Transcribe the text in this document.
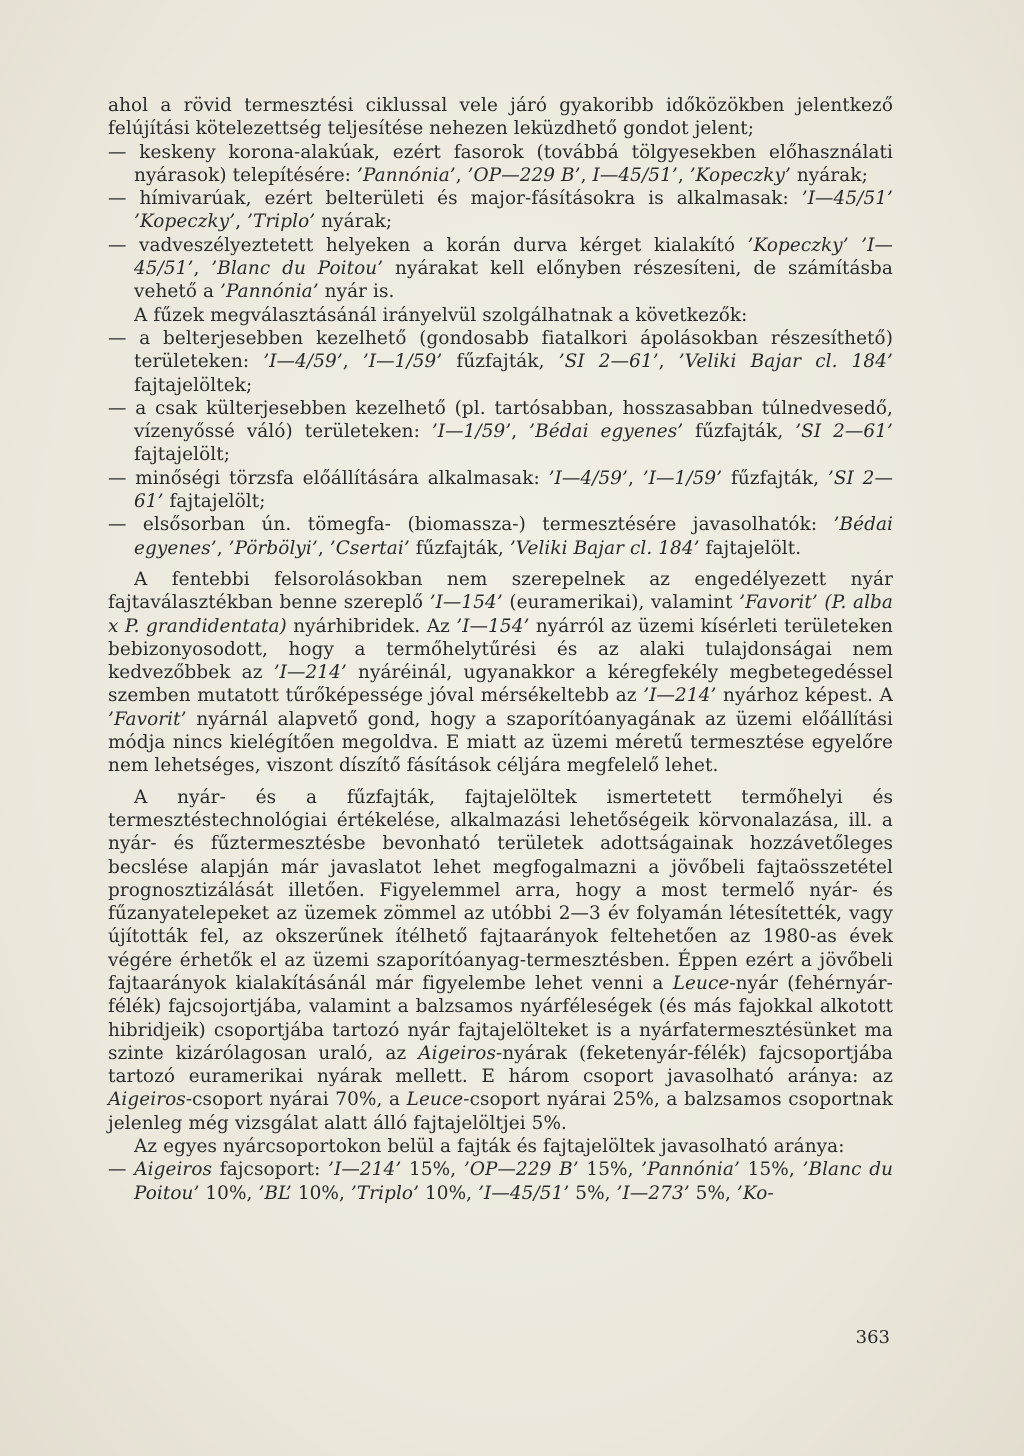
ahol a rövid termesztési ciklussal vele járó gyakoribb időközökben jelentkező felújítási kötelezettség teljesítése nehezen leküzdhető gondot jelent;

— keskeny korona-alakúak, ezért fasorok (továbbá tölgyesekben előhasználati nyárasok) telepítésére: ’Pannónia’, ’OP—229 B’, I—45/51’, ’Kopeczky’ nyárak;

— hímivarúak, ezért belterületi és major-fásításokra is alkalmasak: ’I—45/51’ ’Kopeczky’, ’Triplo’ nyárak;

— vadveszélyeztetett helyeken a korán durva kérget kialakító ’Kopeczky’ ’I—45/51’, ’Blanc du Poitou’ nyárakat kell előnyben részesíteni, de számításba vehető a ’Pannónia’ nyár is.

A fűzek megválasztásánál irányelvül szolgálhatnak a következők:

— a belterjesebben kezelhető (gondosabb fiatalkori ápolásokban részesíthető) területeken: ’I—4/59’, ’I—1/59’ fűzfajták, ’SI 2—61’, ’Veliki Bajar cl. 184’ fajtajelöltek;

— a csak külterjesebben kezelhető (pl. tartósabban, hosszasabban túlnedvesedő, vízenyőssé váló) területeken: ’I—1/59’, ’Bédai egyenes’ fűzfajták, ’SI 2—61’ fajtajelölt;

— minőségi törzsfa előállítására alkalmasak: ’I—4/59’, ’I—1/59’ fűzfajták, ’SI 2—61’ fajtajelölt;

— elsősorban ún. tömegfa- (biomassza-) termesztésére javasolhatók: ’Bédai egyenes’, ’Pörbölyi’, ’Csertai’ fűzfajták, ’Veliki Bajar cl. 184’ fajtajelölt.

A fentebbi felsorolásokban nem szerepelnek az engedélyezett nyár fajtaválasztékban benne szereplő ’I—154’ (euramerikai), valamint ’Favorit’ (P. alba x P. grandidentata) nyárhibridek. Az ’I—154’ nyárról az üzemi kísérleti területeken bebizonyosodott, hogy a termőhelytűrési és az alaki tulajdonságai nem kedvezőbbek az ’I—214’ nyáréinál, ugyanakkor a kéregfekély megbetegedéssel szemben mutatott tűrőképessége jóval mérsékeltebb az ’I—214’ nyárhoz képest. A ’Favorit’ nyárnál alapvető gond, hogy a szaporítóanyagának az üzemi előállítási módja nincs kielégítően megoldva. E miatt az üzemi méretű termesztése egyelőre nem lehetséges, viszont díszítő fásítások céljára megfelelő lehet.

A nyár- és a fűzfajták, fajtajelöltek ismertetett termőhelyi és termesztéstechnológiai értékelése, alkalmazási lehetőségeik körvonalazása, ill. a nyár- és fűztermesztésbe bevonható területek adottságainak hozzávetőleges becslése alapján már javaslatot lehet megfogalmazni a jövőbeli fajtaösszetétel prognosztizálását illetően. Figyelemmel arra, hogy a most termelő nyár- és fűzanyatelepeket az üzemek zömmel az utóbbi 2—3 év folyamán létesítették, vagy újították fel, az okszerűnek ítélhető fajtaarányok feltehetően az 1980-as évek végére érhetők el az üzemi szaporítóanyag-termesztésben. Éppen ezért a jövőbeli fajtaarányok kialakításánál már figyelembe lehet venni a Leuce-nyár (fehérnyár-félék) fajcsojortjába, valamint a balzsamos nyárféleségek (és más fajokkal alkotott hibridjeik) csoportjába tartozó nyár fajtajelölteket is a nyárfatermesztésünket ma szinte kizárólagosan uraló, az Aigeiros-nyárak (feketenyár-félék) fajcsoportjába tartozó euramerikai nyárak mellett. E három csoport javasolható aránya: az Aigeiros-csoport nyárai 70%, a Leuce-csoport nyárai 25%, a balzsamos csoportnak jelenleg még vizsgálat alatt álló fajtajelöltjei 5%.

Az egyes nyárcsoportokon belül a fajták és fajtajelöltek javasolható aránya:

— Aigeiros fajcsoport: ’I—214’ 15%, ’OP—229 B’ 15%, ’Pannónia’ 15%, ’Blanc du Poitou’ 10%, ’BL’ 10%, ’Triplo’ 10%, ’I—45/51’ 5%, ’I—273’ 5%, ’Ko-

363
